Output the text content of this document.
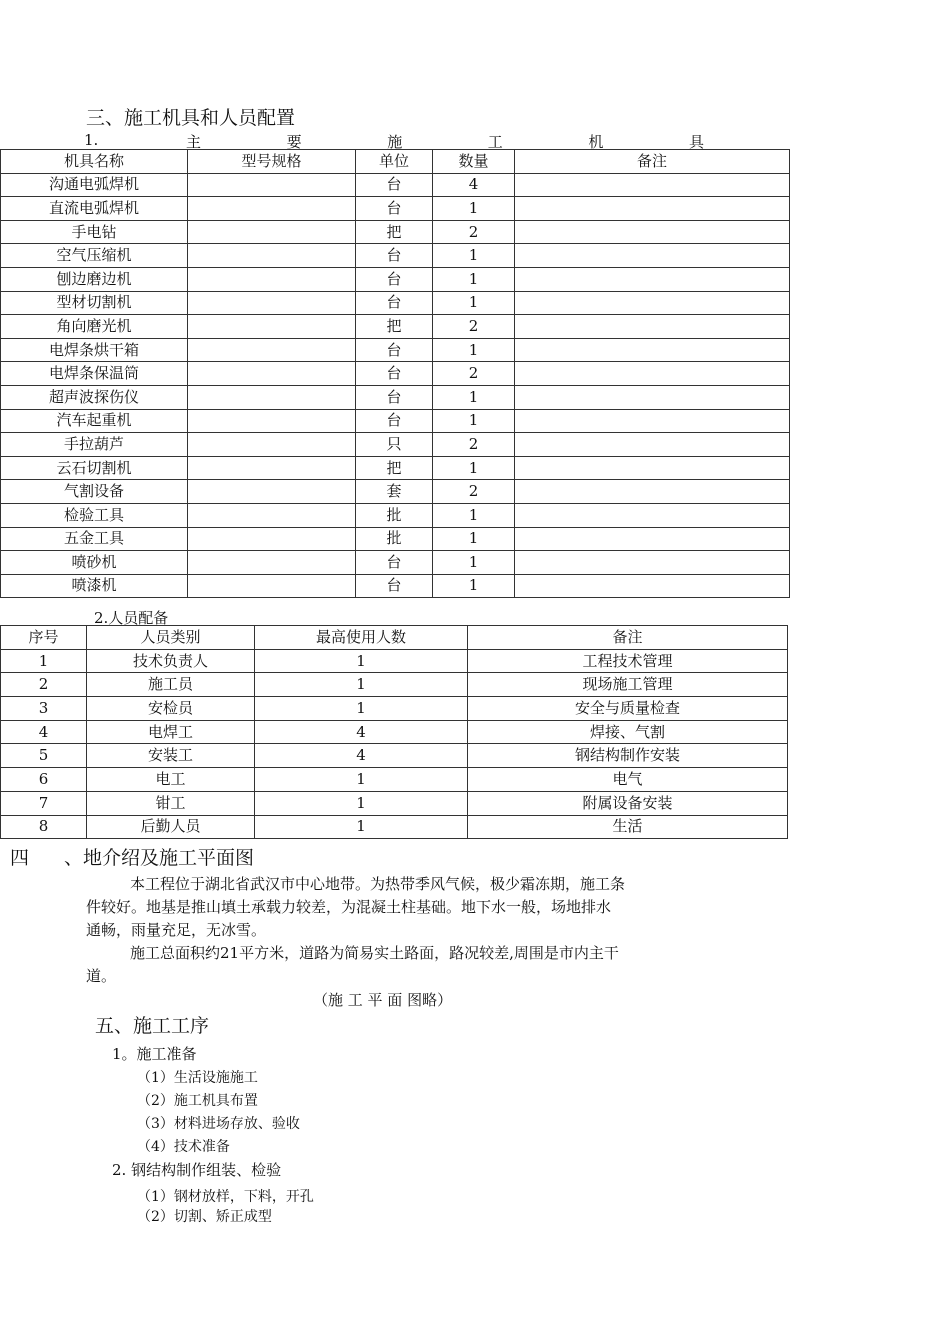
三、施工机具和人员配置
1.	主	要	施	工	机	具
机具名称	型号规格	单位	数量	备注
沟通电弧焊机		台	4	
直流电弧焊机		台	1	
手电钻		把	2	
空气压缩机		台	1	
刨边磨边机		台	1	
型材切割机		台	1	
角向磨光机		把	2	
电焊条烘干箱		台	1	
电焊条保温筒		台	2	
超声波探伤仪		台	1	
汽车起重机		台	1	
手拉葫芦		只	2	
云石切割机		把	1	
气割设备		套	2	
检验工具		批	1	
五金工具		批	1	
喷砂机		台	1	
喷漆机		台	1	
2.人员配备
序号	人员类别	最高使用人数	备注
1	技术负责人	1	工程技术管理
2	施工员	1	现场施工管理
3	安检员	1	安全与质量检查
4	电焊工	4	焊接、气割
5	安装工	4	钢结构制作安装
6	电工	1	电气
7	钳工	1	附属设备安装
8	后勤人员	1	生活
四 、地介绍及施工平面图
本工程位于湖北省武汉市中心地带。为热带季风气候，极少霜冻期，施工条
件较好。地基是推山填土承载力较差，为混凝土柱基础。地下水一般，场地排水
通畅，雨量充足，无冰雪。
施工总面积约21平方米，道路为简易实土路面，路况较差,周围是市内主干
道。
（施 工 平 面 图略）
五、施工工序
1。施工准备
（1）生活设施施工
（2）施工机具布置
（3）材料进场存放、验收
（4）技术准备
2. 钢结构制作组装、检验
（1）钢材放样，下料，开孔
（2）切割、矫正成型
